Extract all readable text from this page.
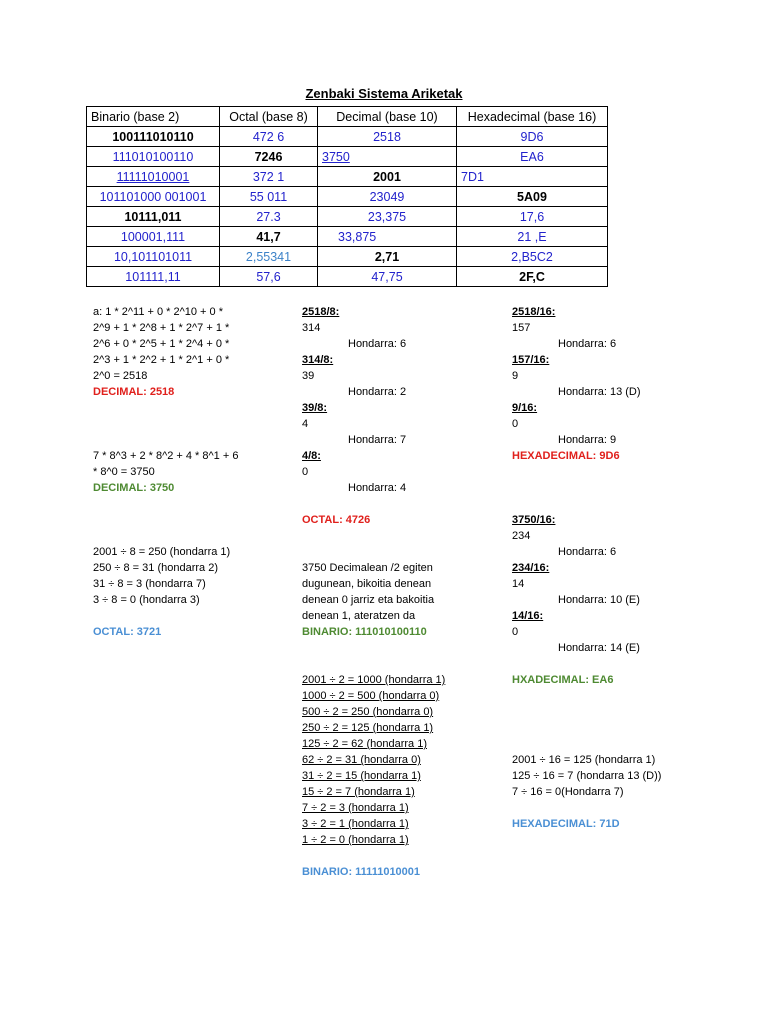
Zenbaki Sistema Ariketak
Binario (base 2)	Octal (base 8)	Decimal (base 10)	Hexadecimal (base 16)
100111010110	472 6	2518	9D6
111010100110	7246	3750	EA6
11111010001	372 1	2001	7D1
101101000 001001	55 011	23049	5A09
10111,011	27.3	23,375	17,6
100001,111	41,7	33,875	21 ,E
10,101101011	2,55341	2,71	2,B5C2
101111,11	57,6	47,75	2F,C
a: 1 * 2^11 + 0 * 2^10 + 0 *
2^9 + 1 * 2^8 + 1 * 2^7 + 1 *
2^6 + 0 * 2^5 + 1 * 2^4 + 0 *
2^3 + 1 * 2^2 + 1 * 2^1 + 0 *
2^0 = 2518
DECIMAL: 2518
7 * 8^3 + 2 * 8^2 + 4 * 8^1 + 6
* 8^0 = 3750
DECIMAL: 3750
2001 ÷ 8 = 250 (hondarra 1)
250 ÷ 8 = 31 (hondarra 2)
31 ÷ 8 = 3 (hondarra 7)
3 ÷ 8 = 0 (hondarra 3)
OCTAL: 3721
2518/8:
314
Hondarra: 6
314/8:
39
Hondarra: 2
39/8:
4
Hondarra: 7
4/8:
0
Hondarra: 4
OCTAL: 4726
3750 Decimalean /2 egiten
dugunean, bikoitia denean
denean 0 jarriz eta bakoitia
denean 1, ateratzen da
BINARIO: 111010100110
2001 ÷ 2 = 1000 (hondarra 1)
1000 ÷ 2 = 500 (hondarra 0)
500 ÷ 2 = 250 (hondarra 0)
250 ÷ 2 = 125 (hondarra 1)
125 ÷ 2 = 62 (hondarra 1)
62 ÷ 2 = 31 (hondarra 0)
31 ÷ 2 = 15 (hondarra 1)
15 ÷ 2 = 7 (hondarra 1)
7 ÷ 2 = 3 (hondarra 1)
3 ÷ 2 = 1 (hondarra 1)
1 ÷ 2 = 0 (hondarra 1)
BINARIO: 11111010001
2518/16:
157
Hondarra: 6
157/16:
9
Hondarra: 13 (D)
9/16:
0
Hondarra: 9
HEXADECIMAL: 9D6
3750/16:
234
Hondarra: 6
234/16:
14
Hondarra: 10 (E)
14/16:
0
Hondarra: 14 (E)
HXADECIMAL: EA6
2001 ÷ 16 = 125 (hondarra 1)
125 ÷ 16 = 7 (hondarra 13 (D))
7 ÷ 16 = 0(Hondarra 7)
HEXADECIMAL: 71D
